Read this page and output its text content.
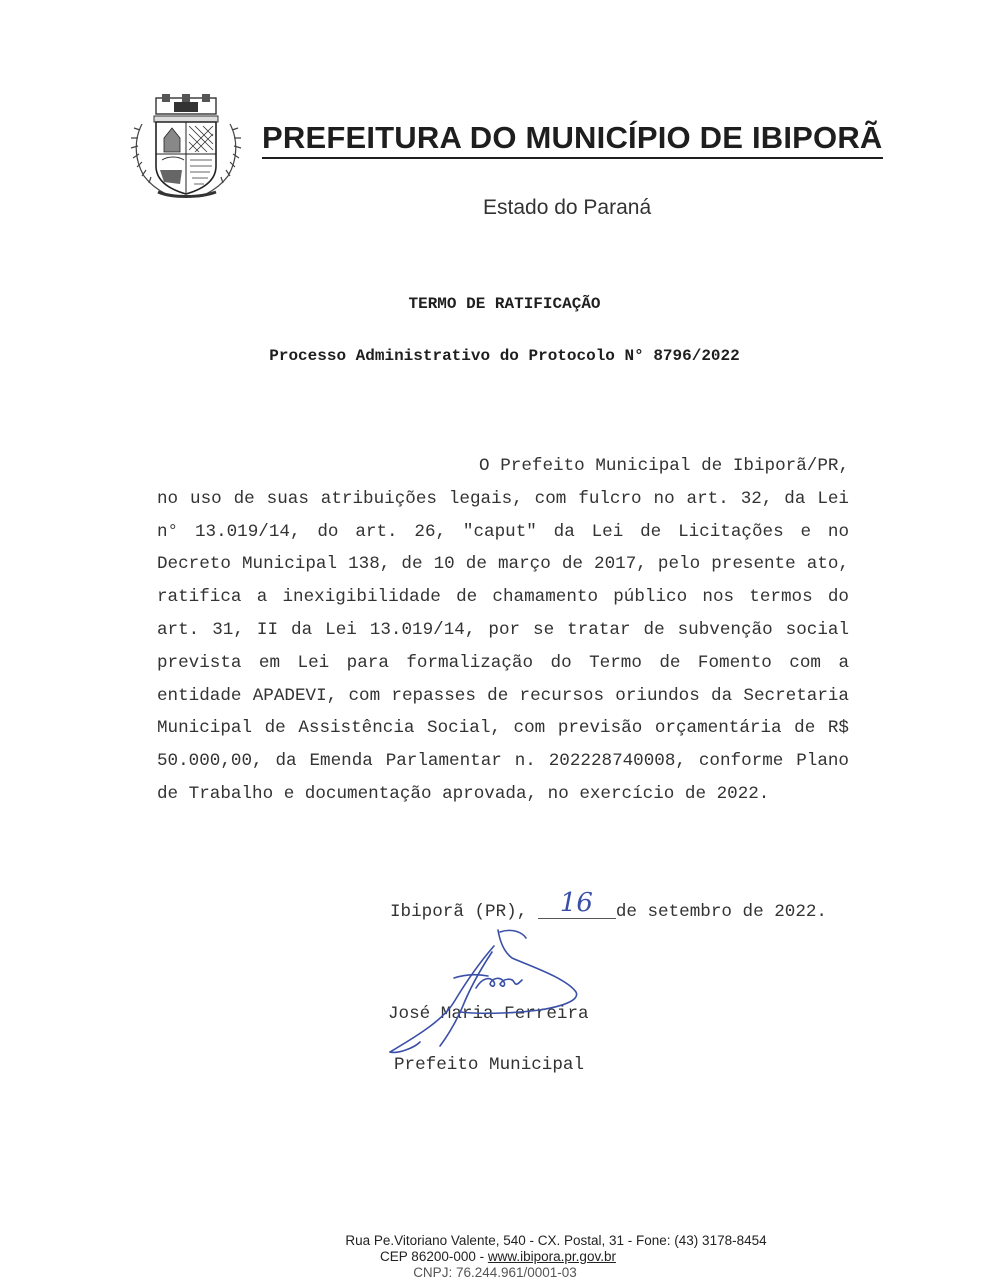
PREFEITURA DO MUNICÍPIO DE IBIPORÃ
Estado do Paraná
TERMO DE RATIFICAÇÃO
Processo Administrativo do Protocolo N° 8796/2022
O Prefeito Municipal de Ibiporã/PR, no uso de suas atribuições legais, com fulcro no art. 32, da Lei n° 13.019/14, do art. 26, "caput" da Lei de Licitações e no Decreto Municipal 138, de 10 de março de 2017, pelo presente ato, ratifica a inexigibilidade de chamamento público nos termos do art. 31, II da Lei 13.019/14, por se tratar de subvenção social prevista em Lei para formalização do Termo de Fomento com a entidade APADEVI, com repasses de recursos oriundos da Secretaria Municipal de Assistência Social, com previsão orçamentária de R$ 50.000,00, da Emenda Parlamentar n. 202228740008, conforme Plano de Trabalho e documentação aprovada, no exercício de 2022.
Ibiporã (PR), 16 de setembro de 2022.
José Maria Ferreira
Prefeito Municipal
Rua Pe.Vitoriano Valente, 540 - CX. Postal, 31 - Fone: (43) 3178-8454
CEP 86200-000 - www.ibipora.pr.gov.br
CNPJ: 76.244.961/0001-03
